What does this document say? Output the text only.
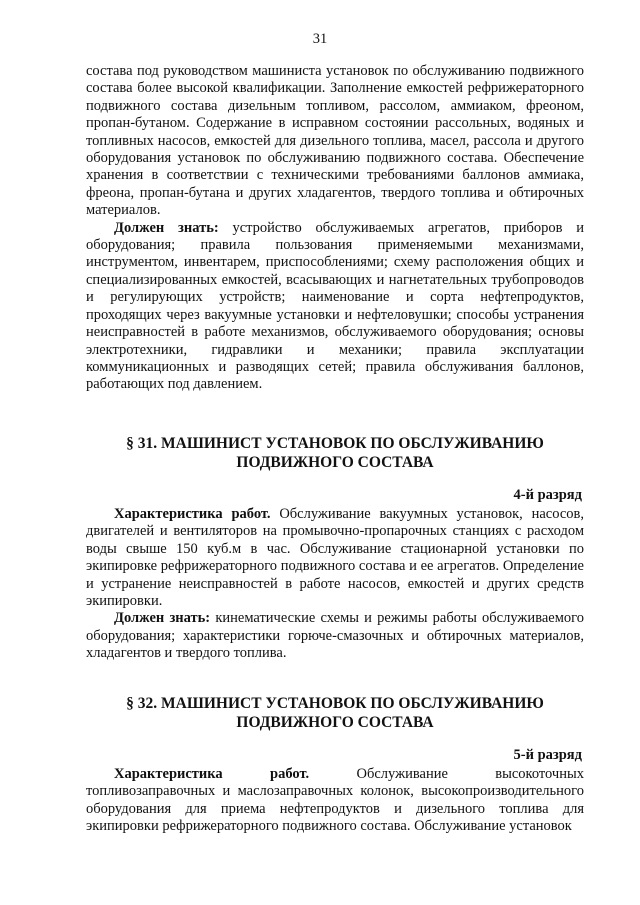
31

состава под руководством машиниста установок по обслуживанию подвижного состава более высокой квалификации. Заполнение емкостей рефрижераторного подвижного состава дизельным топливом, рассолом, аммиаком, фреоном, пропан-бутаном. Содержание в исправном состоянии рассольных, водяных и топливных насосов, емкостей для дизельного топлива, масел, рассола и другого оборудования установок по обслуживанию подвижного состава. Обеспечение хранения в соответствии с техническими требованиями баллонов аммиака, фреона, пропан-бутана и других хладагентов, твердого топлива и обтирочных материалов.

Должен знать: устройство обслуживаемых агрегатов, приборов и оборудования; правила пользования применяемыми механизмами, инструментом, инвентарем, приспособлениями; схему расположения общих и специализированных емкостей, всасывающих и нагнетательных трубопроводов и регулирующих устройств; наименование и сорта нефтепродуктов, проходящих через вакуумные установки и нефтеловушки; способы устранения неисправностей в работе механизмов, обслуживаемого оборудования; основы электротехники, гидравлики и механики; правила эксплуатации коммуникационных и разводящих сетей; правила обслуживания баллонов, работающих под давлением.

§ 31. МАШИНИСТ УСТАНОВОК ПО ОБСЛУЖИВАНИЮ
ПОДВИЖНОГО СОСТАВА
4-й разряд

Характеристика работ. Обслуживание вакуумных установок, насосов, двигателей и вентиляторов на промывочно-пропарочных станциях с расходом воды свыше 150 куб.м в час. Обслуживание стационарной установки по экипировке рефрижераторного подвижного состава и ее агрегатов. Определение и устранение неисправностей в работе насосов, емкостей и других средств экипировки.

Должен знать: кинематические схемы и режимы работы обслуживаемого оборудования; характеристики горюче-смазочных и обтирочных материалов, хладагентов и твердого топлива.

§ 32. МАШИНИСТ УСТАНОВОК ПО ОБСЛУЖИВАНИЮ
ПОДВИЖНОГО СОСТАВА
5-й разряд

Характеристика работ. Обслуживание высокоточных топливозаправочных и маслозаправочных колонок, высокопроизводительного оборудования для приема нефтепродуктов и дизельного топлива для экипировки рефрижераторного подвижного состава. Обслуживание установок
